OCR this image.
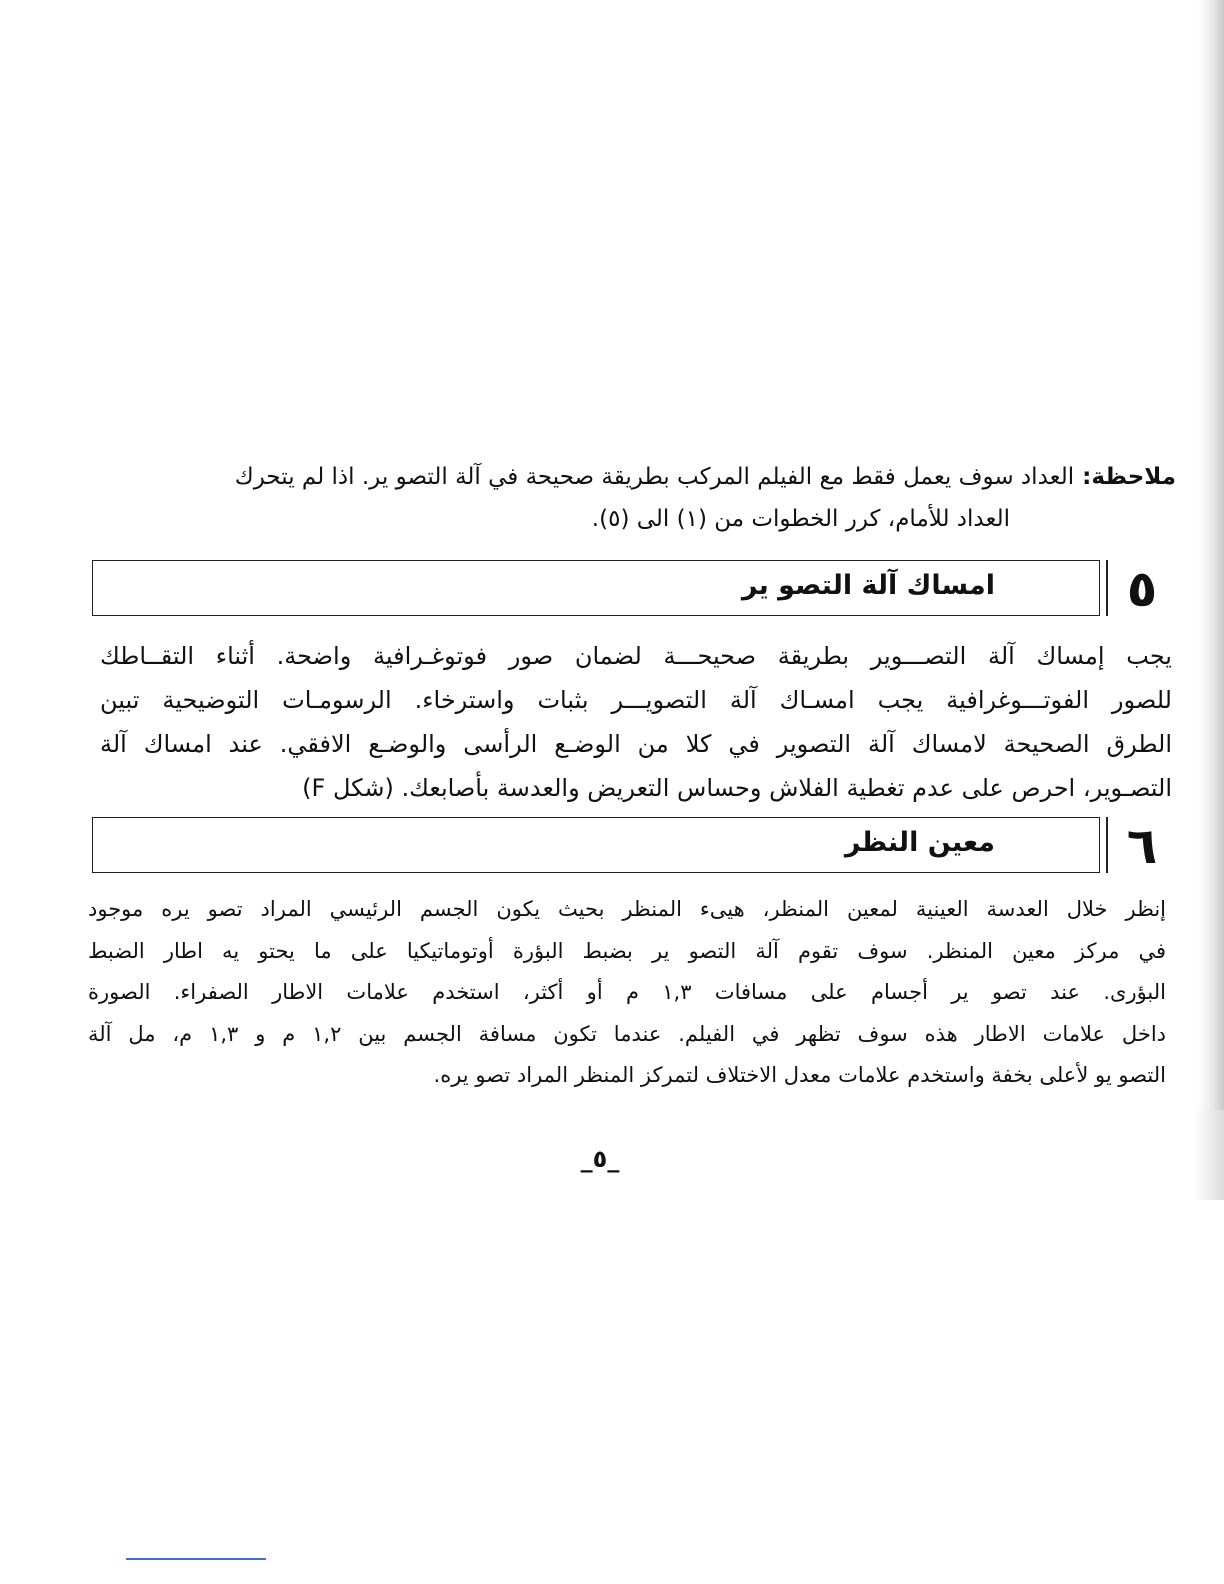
ملاحظة: العداد سوف يعمل فقط مع الفيلم المركب بطريقة صحيحة في آلة التصو ير. اذا لم يتحرك
العداد للأمام، كرر الخطوات من (١) الى (٥).
امساك آلة التصو ير	٥
يجب إمساك آلة التصـــوير بطريقة صحيحـــة لضمان صور فوتوغـرافية واضحة. أثناء التقــاطك
للصور الفوتـــوغرافية يجب امسـاك آلة التصويـــر بثبات واسترخاء. الرسومـات التوضيحية تبين
الطرق الصحيحة لامساك آلة التصوير في كلا من الوضـع الرأسى والوضـع الافقي. عند امساك آلة
التصـوير، احرص على عدم تغطية الفلاش وحساس التعريض والعدسة بأصابعك. (شكل F)
معين النظر	٦
إنظر خلال العدسة العينية لمعين المنظر، هيىء المنظر بحيث يكون الجسم الرئيسي المراد تصو يره موجود
في مركز معين المنظر. سوف تقوم آلة التصو ير بضبط البؤرة أوتوماتيكيا على ما يحتو يه اطار الضبط
البؤرى. عند تصو ير أجسام على مسافات ١,٣ م أو أكثر، استخدم علامات الاطار الصفراء. الصورة
داخل علامات الاطار هذه سوف تظهر في الفيلم. عندما تكون مسافة الجسم بين ١,٢ م و ١,٣ م، مل آلة
التصو يو لأعلى بخفة واستخدم علامات معدل الاختلاف لتمركز المنظر المراد تصو يره.
_٥_
